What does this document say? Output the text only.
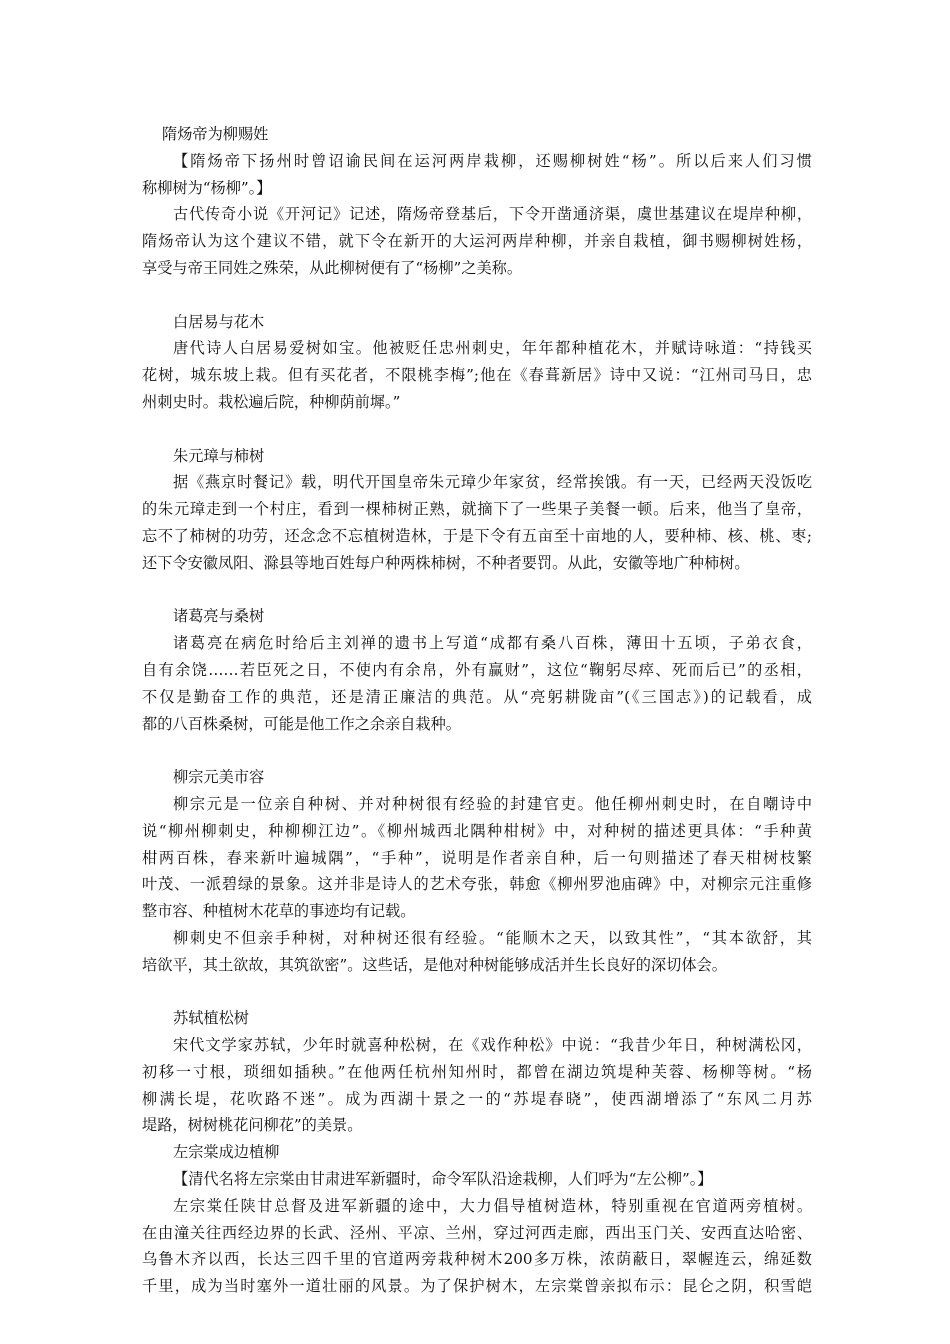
隋炀帝为柳赐姓
【隋炀帝下扬州时曾诏谕民间在运河两岸栽柳，还赐柳树姓“杨”。所以后来人们习惯
称柳树为“杨柳”。】
古代传奇小说《开河记》记述，隋炀帝登基后，下令开凿通济渠，虞世基建议在堤岸种柳，
隋炀帝认为这个建议不错，就下令在新开的大运河两岸种柳，并亲自栽植，御书赐柳树姓杨，
享受与帝王同姓之殊荣，从此柳树便有了“杨柳”之美称。
白居易与花木
唐代诗人白居易爱树如宝。他被贬任忠州刺史，年年都种植花木，并赋诗咏道：“持钱买
花树，城东坡上栽。但有买花者，不限桃李梅”;他在《春葺新居》诗中又说：“江州司马日，忠
州刺史时。栽松遍后院，种柳荫前墀。”
朱元璋与柿树
据《燕京时餐记》载，明代开国皇帝朱元璋少年家贫，经常挨饿。有一天，已经两天没饭吃
的朱元璋走到一个村庄，看到一棵柿树正熟，就摘下了一些果子美餐一顿。后来，他当了皇帝，
忘不了柿树的功劳，还念念不忘植树造林，于是下令有五亩至十亩地的人，要种柿、核、桃、枣;
还下令安徽凤阳、滁县等地百姓每户种两株柿树，不种者要罚。从此，安徽等地广种柿树。
诸葛亮与桑树
诸葛亮在病危时给后主刘禅的遗书上写道“成都有桑八百株，薄田十五顷，子弟衣食，
自有余饶……若臣死之日，不使内有余帛，外有赢财”，这位“鞠躬尽瘁、死而后已”的丞相，
不仅是勤奋工作的典范，还是清正廉洁的典范。从“亮躬耕陇亩”(《三国志》)的记载看，成
都的八百株桑树，可能是他工作之余亲自栽种。
柳宗元美市容
柳宗元是一位亲自种树、并对种树很有经验的封建官吏。他任柳州刺史时，在自嘲诗中
说“柳州柳刺史，种柳柳江边”。《柳州城西北隅种柑树》中，对种树的描述更具体：“手种黄
柑两百株，春来新叶遍城隅”，“手种”，说明是作者亲自种，后一句则描述了春天柑树枝繁
叶茂、一派碧绿的景象。这并非是诗人的艺术夸张，韩愈《柳州罗池庙碑》中，对柳宗元注重修
整市容、种植树木花草的事迹均有记载。
柳刺史不但亲手种树，对种树还很有经验。“能顺木之天，以致其性”，“其本欲舒，其
培欲平，其土欲故，其筑欲密”。这些话，是他对种树能够成活并生长良好的深切体会。
苏轼植松树
宋代文学家苏轼，少年时就喜种松树，在《戏作种松》中说：“我昔少年日，种树满松冈，
初移一寸根，琐细如插秧。”在他两任杭州知州时，都曾在湖边筑堤种芙蓉、杨柳等树。“杨
柳满长堤，花吹路不迷”。成为西湖十景之一的“苏堤春晓”，使西湖增添了“东风二月苏
堤路，树树桃花问柳花”的美景。
左宗棠成边植柳
【清代名将左宗棠由甘肃进军新疆时，命令军队沿途栽柳，人们呼为“左公柳”。】
左宗棠任陕甘总督及进军新疆的途中，大力倡导植树造林，特别重视在官道两旁植树。
在由潼关往西经边界的长武、泾州、平凉、兰州，穿过河西走廊，西出玉门关、安西直达哈密、
乌鲁木齐以西，长达三四千里的官道两旁栽种树木200多万株，浓荫蔽日，翠幄连云，绵延数
千里，成为当时塞外一道壮丽的风景。为了保护树木，左宗棠曾亲拟布示：昆仑之阴，积雪皑
